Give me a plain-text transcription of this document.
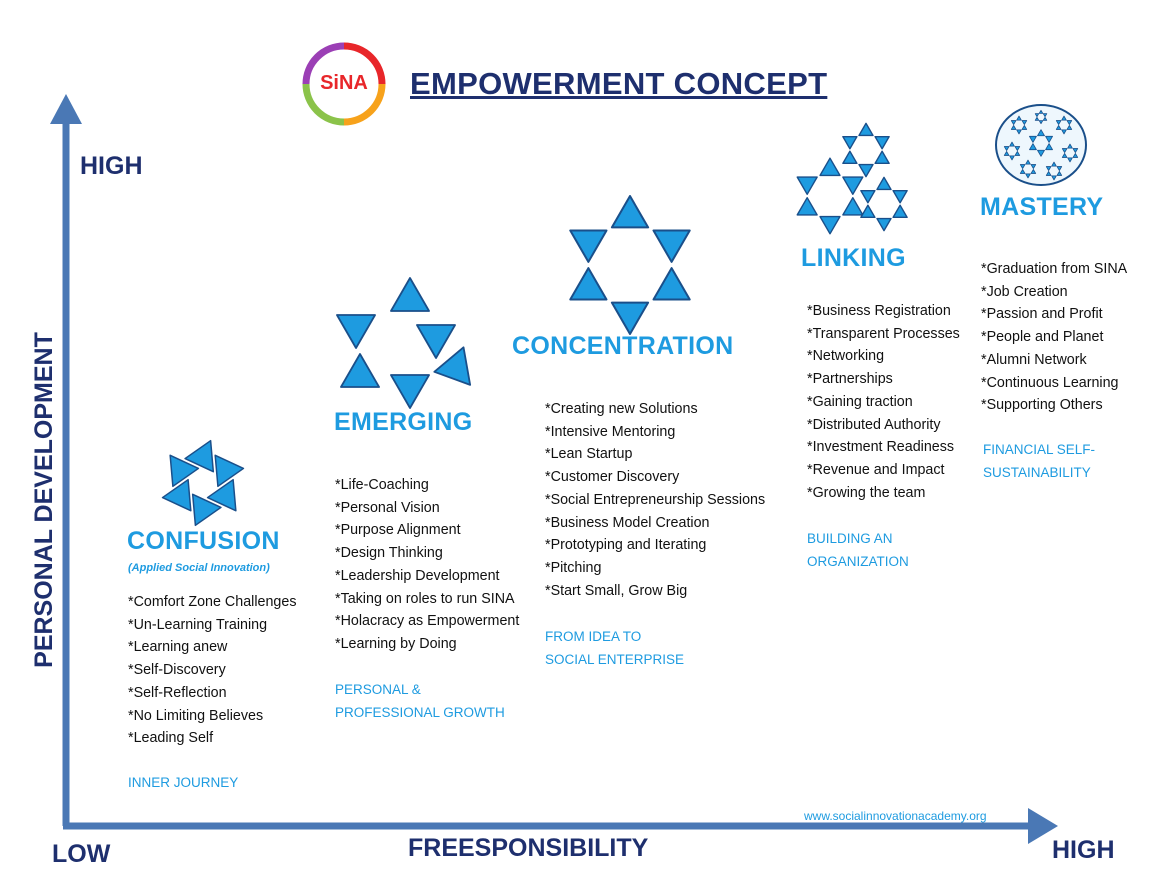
SiNA	EMPOWERMENT CONCEPT
HIGH
PERSONAL DEVELOPMENT
LOW	FREESPONSIBILITY	HIGH
www.socialinnovationacademy.org
CONFUSION
(Applied Social Innovation)
*Comfort Zone Challenges
*Un-Learning Training
*Learning anew
*Self-Discovery
*Self-Reflection
*No Limiting Believes
*Leading Self
INNER JOURNEY
EMERGING
*Life-Coaching
*Personal Vision
*Purpose Alignment
*Design Thinking
*Leadership Development
*Taking on roles to run SINA
*Holacracy as Empowerment
*Learning by Doing
PERSONAL &
PROFESSIONAL GROWTH
CONCENTRATION
*Creating new Solutions
*Intensive Mentoring
*Lean Startup
*Customer Discovery
*Social Entrepreneurship Sessions
*Business Model Creation
*Prototyping and Iterating
*Pitching
*Start Small, Grow Big
FROM IDEA TO
SOCIAL ENTERPRISE
LINKING
*Business Registration
*Transparent Processes
*Networking
*Partnerships
*Gaining traction
*Distributed Authority
*Investment Readiness
*Revenue and Impact
*Growing the team
BUILDING AN
ORGANIZATION
MASTERY
*Graduation from SINA
*Job Creation
*Passion and Profit
*People and Planet
*Alumni Network
*Continuous Learning
*Supporting Others
FINANCIAL SELF-
SUSTAINABILITY
